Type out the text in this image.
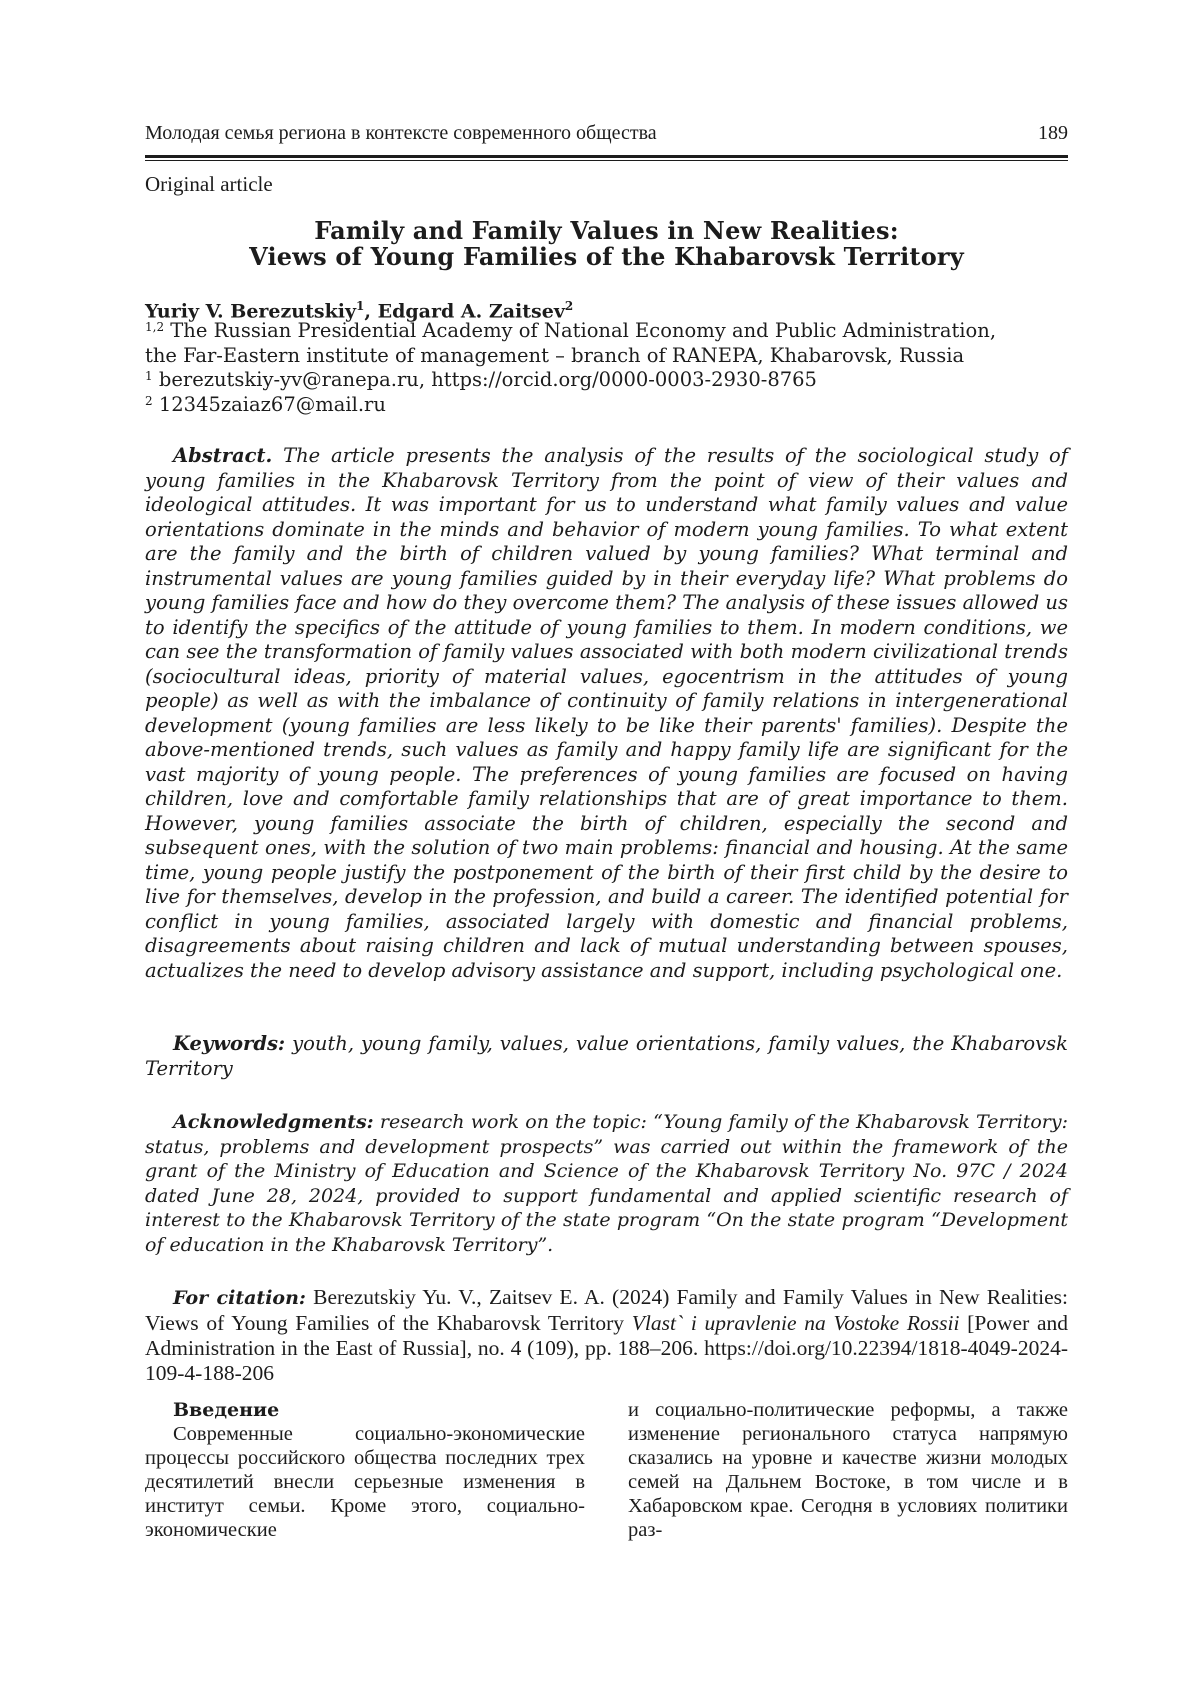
Молодая семья региона в контексте современного общества	189
Original article
Family and Family Values in New Realities:
Views of Young Families of the Khabarovsk Territory
Yuriy V. Berezutskiy$^1$, Edgard A. Zaitsev$^2$
$^{1,2}$ The Russian Presidential Academy of National Economy and Public Administration,
the Far-Eastern institute of management – branch of RANEPA, Khabarovsk, Russia
$^1$ berezutskiy-yv@ranepa.ru, https://orcid.org/0000-0003-2930-8765
$^2$ 12345zaiaz67@mail.ru
Abstract. The article presents the analysis of the results of the sociological study of young families in the Khabarovsk Territory from the point of view of their values and ideological attitudes. It was important for us to understand what family values and value orientations dominate in the minds and behavior of modern young families. To what extent are the family and the birth of children valued by young families? What terminal and instrumental values are young families guided by in their everyday life? What problems do young families face and how do they overcome them? The analysis of these issues allowed us to identify the specifics of the attitude of young families to them. In modern conditions, we can see the transformation of family values associated with both modern civilizational trends (sociocultural ideas, priority of material values, egocentrism in the attitudes of young people) as well as with the imbalance of continuity of family relations in intergenerational development (young families are less likely to be like their parents' families). Despite the above-mentioned trends, such values as family and happy family life are significant for the vast majority of young people. The preferences of young families are focused on having children, love and comfortable family relationships that are of great importance to them. However, young families associate the birth of children, especially the second and subsequent ones, with the solution of two main problems: financial and housing. At the same time, young people justify the postponement of the birth of their first child by the desire to live for themselves, develop in the profession, and build a career. The identified potential for conflict in young families, associated largely with domestic and financial problems, disagreements about raising children and lack of mutual understanding between spouses, actualizes the need to develop advisory assistance and support, including psychological one.
Keywords: youth, young family, values, value orientations, family values, the Khabarovsk Territory
Acknowledgments: research work on the topic: “Young family of the Khabarovsk Territory: status, problems and development prospects” was carried out within the framework of the grant of the Ministry of Education and Science of the Khabarovsk Territory No. 97C / 2024 dated June 28, 2024, provided to support fundamental and applied scientific research of interest to the Khabarovsk Territory of the state program “On the state program “Development of education in the Khabarovsk Territory”.
For citation: Berezutskiy Yu. V., Zaitsev E. A. (2024) Family and Family Values in New Realities: Views of Young Families of the Khabarovsk Territory Vlast` i upravlenie na Vostoke Rossii [Power and Administration in the East of Russia], no. 4 (109), pp. 188–206. https://doi.org/10.22394/1818-4049-2024-109-4-188-206
Введение
Современные социально-экономические процессы российского общества последних трех десятилетий внесли серьезные изменения в институт семьи. Кроме этого, социально-экономические
и социально-политические реформы, а также изменение регионального статуса напрямую сказались на уровне и качестве жизни молодых семей на Дальнем Востоке, в том числе и в Хабаровском крае. Сегодня в условиях политики раз-
